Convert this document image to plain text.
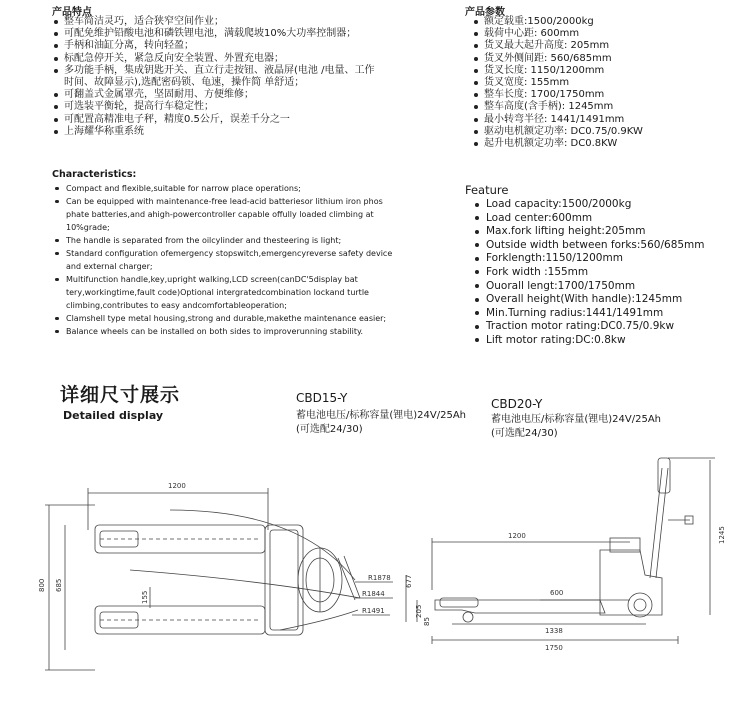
产品特点
整车简洁灵巧，适合狭窄空间作业；
可配免维护铅酸电池和磷铁锂电池，满载爬坡10%大功率控制器；
手柄和油缸分离，转向轻盈；
标配急停开关，紧急反向安全装置、外置充电器；
多功能手柄，集成钥匙开关、直立行走按钮、液晶屏(电池 /电量、工作
时间、故障显示),选配密码锁、龟速，操作简 单舒适；
可翻盖式金属罩壳，坚固耐用、方便维修；
可选装平衡轮，提高行车稳定性；
可配置高精准电子秤，精度0.5公斤，误差千分之一
上海耀华称重系统
产品参数
额定载重:1500/2000kg
载荷中心距: 600mm
货叉最大起升高度: 205mm
货叉外侧间距: 560/685mm
货叉长度: 1150/1200mm
货叉宽度: 155mm
整车长度: 1700/1750mm
整车高度(含手柄): 1245mm
最小转弯半径: 1441/1491mm
驱动电机额定功率: DC0.75/0.9KW
起升电机额定功率: DC0.8KW
Characteristics:
Compact and flexible,suitable for narrow place operations;
Can be equipped with maintenance-free lead-acid batteriesor lithium iron phos
phate batteries,and ahigh-powercontroller capable offully loaded climbing at
10%grade;
The handle is separated from the oilcylinder and thesteering is light;
Standard configuration ofemergency stopswitch,emergencyreverse safety device
and external charger;
Multifunction handle,key,upright walking,LCD screen(canDC'5display bat
tery,workingtime,fault code)Optional intergratedcombination lockand turtle
climbing,contributes to easy andcomfortableoperation;
Clamshell type metal housing,strong and durable,makethe maintenance easier;
Balance wheels can be installed on both sides to improverunning stability.
Feature
Load capacity:1500/2000kg
Load center:600mm
Max.fork lifting height:205mm
Outside width between forks:560/685mm
Forklength:1150/1200mm
Fork width :155mm
Ouorall lengt:1700/1750mm
Overall height(With handle):1245mm
Min.Turning radius:1441/1491mm
Traction motor rating:DC0.75/0.9kw
Lift motor rating:DC:0.8kw
详细尺寸展示
Detailed display
CBD15-Y
蓄电池电压/标称容量(锂电)24V/25Ah
(可选配24/30)
CBD20-Y
蓄电池电压/标称容量(锂电)24V/25Ah
(可选配24/30)
1200
800 685
155
R1878
R1844
R1491
1200
600
1338
1750
677
205
85
1245
